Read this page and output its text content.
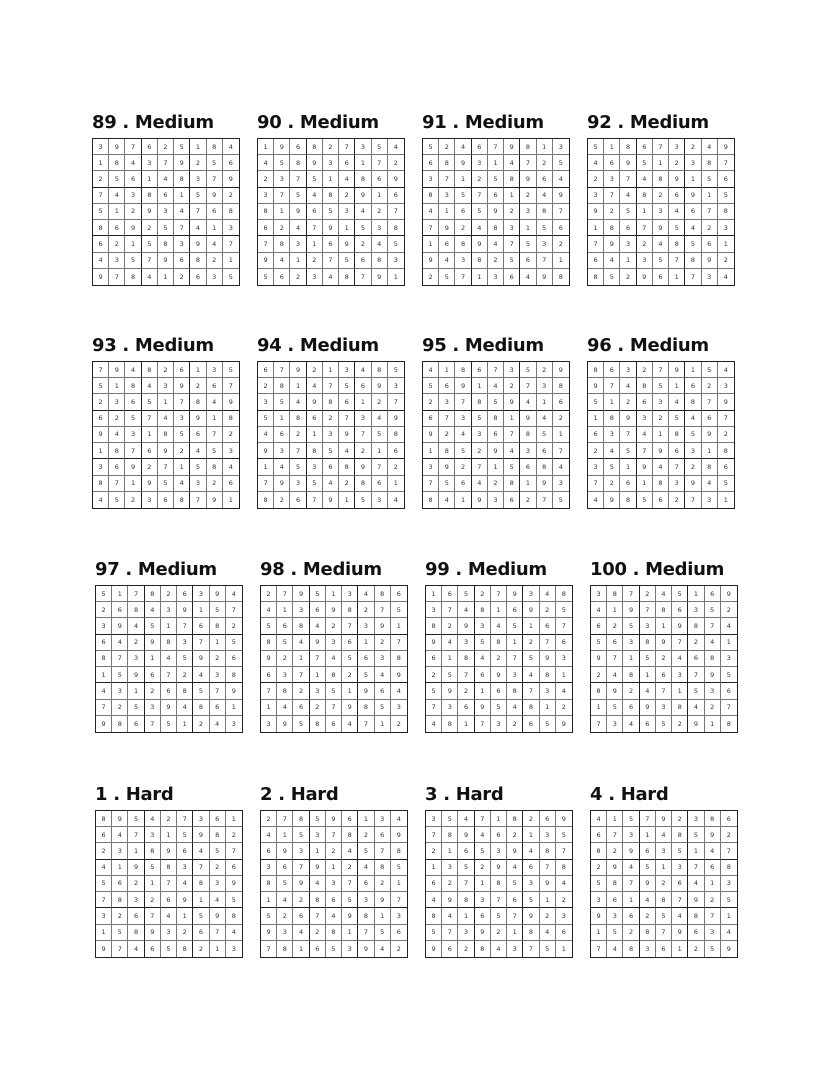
89 . Medium
3	9	7	6	2	5	1	8	4
1	8	4	3	7	9	2	5	6
2	5	6	1	4	8	3	7	9
7	4	3	8	6	1	5	9	2
5	1	2	9	3	4	7	6	8
8	6	9	2	5	7	4	1	3
6	2	1	5	8	3	9	4	7
4	3	5	7	9	6	8	2	1
9	7	8	4	1	2	6	3	5
90 . Medium
1	9	6	8	2	7	3	5	4
4	5	8	9	3	6	1	7	2
2	3	7	5	1	4	8	6	9
3	7	5	4	8	2	9	1	6
8	1	9	6	5	3	4	2	7
6	2	4	7	9	1	5	3	8
7	8	3	1	6	9	2	4	5
9	4	1	2	7	5	6	8	3
5	6	2	3	4	8	7	9	1
91 . Medium
5	2	4	6	7	9	8	1	3
6	8	9	3	1	4	7	2	5
3	7	1	2	5	8	9	6	4
8	3	5	7	6	1	2	4	9
4	1	6	5	9	2	3	8	7
7	9	2	4	8	3	1	5	6
1	6	8	9	4	7	5	3	2
9	4	3	8	2	5	6	7	1
2	5	7	1	3	6	4	9	8
92 . Medium
5	1	8	6	7	3	2	4	9
4	6	9	5	1	2	3	8	7
2	3	7	4	8	9	1	5	6
3	7	4	8	2	6	9	1	5
9	2	5	1	3	4	6	7	8
1	8	6	7	9	5	4	2	3
7	9	3	2	4	8	5	6	1
6	4	1	3	5	7	8	9	2
8	5	2	9	6	1	7	3	4
93 . Medium
7	9	4	8	2	6	1	3	5
5	1	8	4	3	9	2	6	7
2	3	6	5	1	7	8	4	9
6	2	5	7	4	3	9	1	8
9	4	3	1	8	5	6	7	2
1	8	7	6	9	2	4	5	3
3	6	9	2	7	1	5	8	4
8	7	1	9	5	4	3	2	6
4	5	2	3	6	8	7	9	1
94 . Medium
6	7	9	2	1	3	4	8	5
2	8	1	4	7	5	6	9	3
3	5	4	9	8	6	1	2	7
5	1	8	6	2	7	3	4	9
4	6	2	1	3	9	7	5	8
9	3	7	8	5	4	2	1	6
1	4	5	3	6	8	9	7	2
7	9	3	5	4	2	8	6	1
8	2	6	7	9	1	5	3	4
95 . Medium
4	1	8	6	7	3	5	2	9
5	6	9	1	4	2	7	3	8
2	3	7	8	5	9	4	1	6
6	7	3	5	8	1	9	4	2
9	2	4	3	6	7	8	5	1
1	8	5	2	9	4	3	6	7
3	9	2	7	1	5	6	8	4
7	5	6	4	2	8	1	9	3
8	4	1	9	3	6	2	7	5
96 . Medium
8	6	3	2	7	9	1	5	4
9	7	4	8	5	1	6	2	3
5	1	2	6	3	4	8	7	9
1	8	9	3	2	5	4	6	7
6	3	7	4	1	8	5	9	2
2	4	5	7	9	6	3	1	8
3	5	1	9	4	7	2	8	6
7	2	6	1	8	3	9	4	5
4	9	8	5	6	2	7	3	1
97 . Medium
5	1	7	8	2	6	3	9	4
2	6	8	4	3	9	1	5	7
3	9	4	5	1	7	6	8	2
6	4	2	9	8	3	7	1	5
8	7	3	1	4	5	9	2	6
1	5	9	6	7	2	4	3	8
4	3	1	2	6	8	5	7	9
7	2	5	3	9	4	8	6	1
9	8	6	7	5	1	2	4	3
98 . Medium
2	7	9	5	1	3	4	8	6
4	1	3	6	9	8	2	7	5
5	6	8	4	2	7	3	9	1
8	5	4	9	3	6	1	2	7
9	2	1	7	4	5	6	3	8
6	3	7	1	8	2	5	4	9
7	8	2	3	5	1	9	6	4
1	4	6	2	7	9	8	5	3
3	9	5	8	6	4	7	1	2
99 . Medium
1	6	5	2	7	9	3	4	8
3	7	4	8	1	6	9	2	5
8	2	9	3	4	5	1	6	7
9	4	3	5	8	1	2	7	6
6	1	8	4	2	7	5	9	3
2	5	7	6	9	3	4	8	1
5	9	2	1	6	8	7	3	4
7	3	6	9	5	4	8	1	2
4	8	1	7	3	2	6	5	9
100 . Medium
3	8	7	2	4	5	1	6	9
4	1	9	7	8	6	3	5	2
6	2	5	3	1	9	8	7	4
5	6	3	8	9	7	2	4	1
9	7	1	5	2	4	6	8	3
2	4	8	1	6	3	7	9	5
8	9	2	4	7	1	5	3	6
1	5	6	9	3	8	4	2	7
7	3	4	6	5	2	9	1	8
1 . Hard
8	9	5	4	2	7	3	6	1
6	4	7	3	1	5	9	8	2
2	3	1	8	9	6	4	5	7
4	1	9	5	8	3	7	2	6
5	6	2	1	7	4	8	3	9
7	8	3	2	6	9	1	4	5
3	2	6	7	4	1	5	9	8
1	5	8	9	3	2	6	7	4
9	7	4	6	5	8	2	1	3
2 . Hard
2	7	8	5	9	6	1	3	4
4	1	5	3	7	8	2	6	9
6	9	3	1	2	4	5	7	8
3	6	7	9	1	2	4	8	5
8	5	9	4	3	7	6	2	1
1	4	2	8	6	5	3	9	7
5	2	6	7	4	9	8	1	3
9	3	4	2	8	1	7	5	6
7	8	1	6	5	3	9	4	2
3 . Hard
3	5	4	7	1	8	2	6	9
7	8	9	4	6	2	1	3	5
2	1	6	5	3	9	4	8	7
1	3	5	2	9	4	6	7	8
6	2	7	1	8	5	3	9	4
4	9	8	3	7	6	5	1	2
8	4	1	6	5	7	9	2	3
5	7	3	9	2	1	8	4	6
9	6	2	8	4	3	7	5	1
4 . Hard
4	1	5	7	9	2	3	8	6
6	7	3	1	4	8	5	9	2
8	2	9	6	3	5	1	4	7
2	9	4	5	1	3	7	6	8
5	8	7	9	2	6	4	1	3
3	6	1	4	8	7	9	2	5
9	3	6	2	5	4	8	7	1
1	5	2	8	7	9	6	3	4
7	4	8	3	6	1	2	5	9
